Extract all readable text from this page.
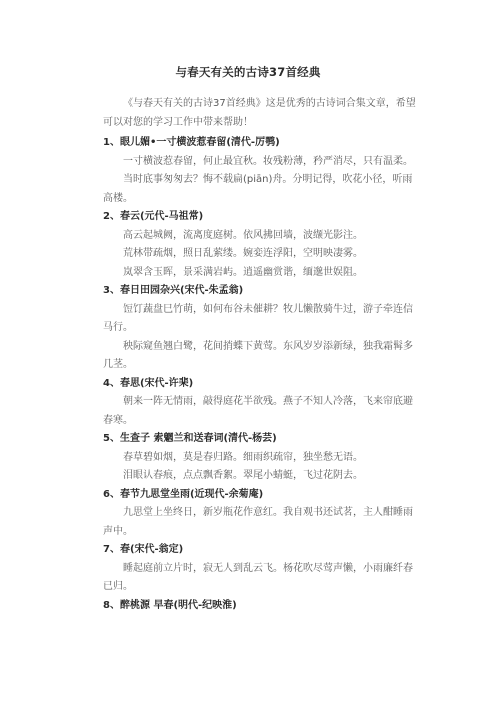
与春天有关的古诗37首经典

《与春天有关的古诗37首经典》这是优秀的古诗词合集文章，希望可以对您的学习工作中带来帮助！

1、眼儿媚•一寸横波惹春留(清代-厉鹗)

一寸横波惹春留，何止最宜秋。妆残粉薄，矜严消尽，只有温柔。

当时底事匆匆去？悔不载扁(piān)舟。分明记得，吹花小径，听雨高楼。

2、春云(元代-马祖常)

高云起城阙，流离度庭树。依风拂回墙，波缬光影注。

荒林带疏烟，照日乱萦缕。婉娈连浮阳，空明映凄雾。

岚翠含玉晖，景采满岩屿。逍遥幽赏谐，缅邈世娱阻。

3、春日田园杂兴(宋代-朱孟翁)

饾饤蔬盘巳竹萌，如何布谷未催耕？牧儿懒散骑牛过，游子牵连信马行。

秧际窥鱼翘白鹭，花间捎蝶下黄莺。东风岁岁添新绿，独我霜髯多几茎。

4、春思(宋代-许棐)

朝来一阵无情雨，敲得庭花半欲残。燕子不知人冷落，飞来帘底避春寒。

5、生查子 索魍兰和送春词(清代-杨芸)

春草碧如烟，莫是春归路。细雨织疏帘，独坐愁无语。

泪眼认春痕，点点飘香絮。翠尾小蜻蜓，飞过花阴去。

6、春节九思堂坐雨(近现代-余菊庵)

九思堂上坐终日，新岁瓶花作意红。我自观书还试茗，主人酣睡雨声中。

7、春(宋代-翁定)

睡起庭前立片时，寂无人到乱云飞。杨花吹尽莺声懒，小雨廉纤春已归。

8、醉桃源 早春(明代-纪映淮)
